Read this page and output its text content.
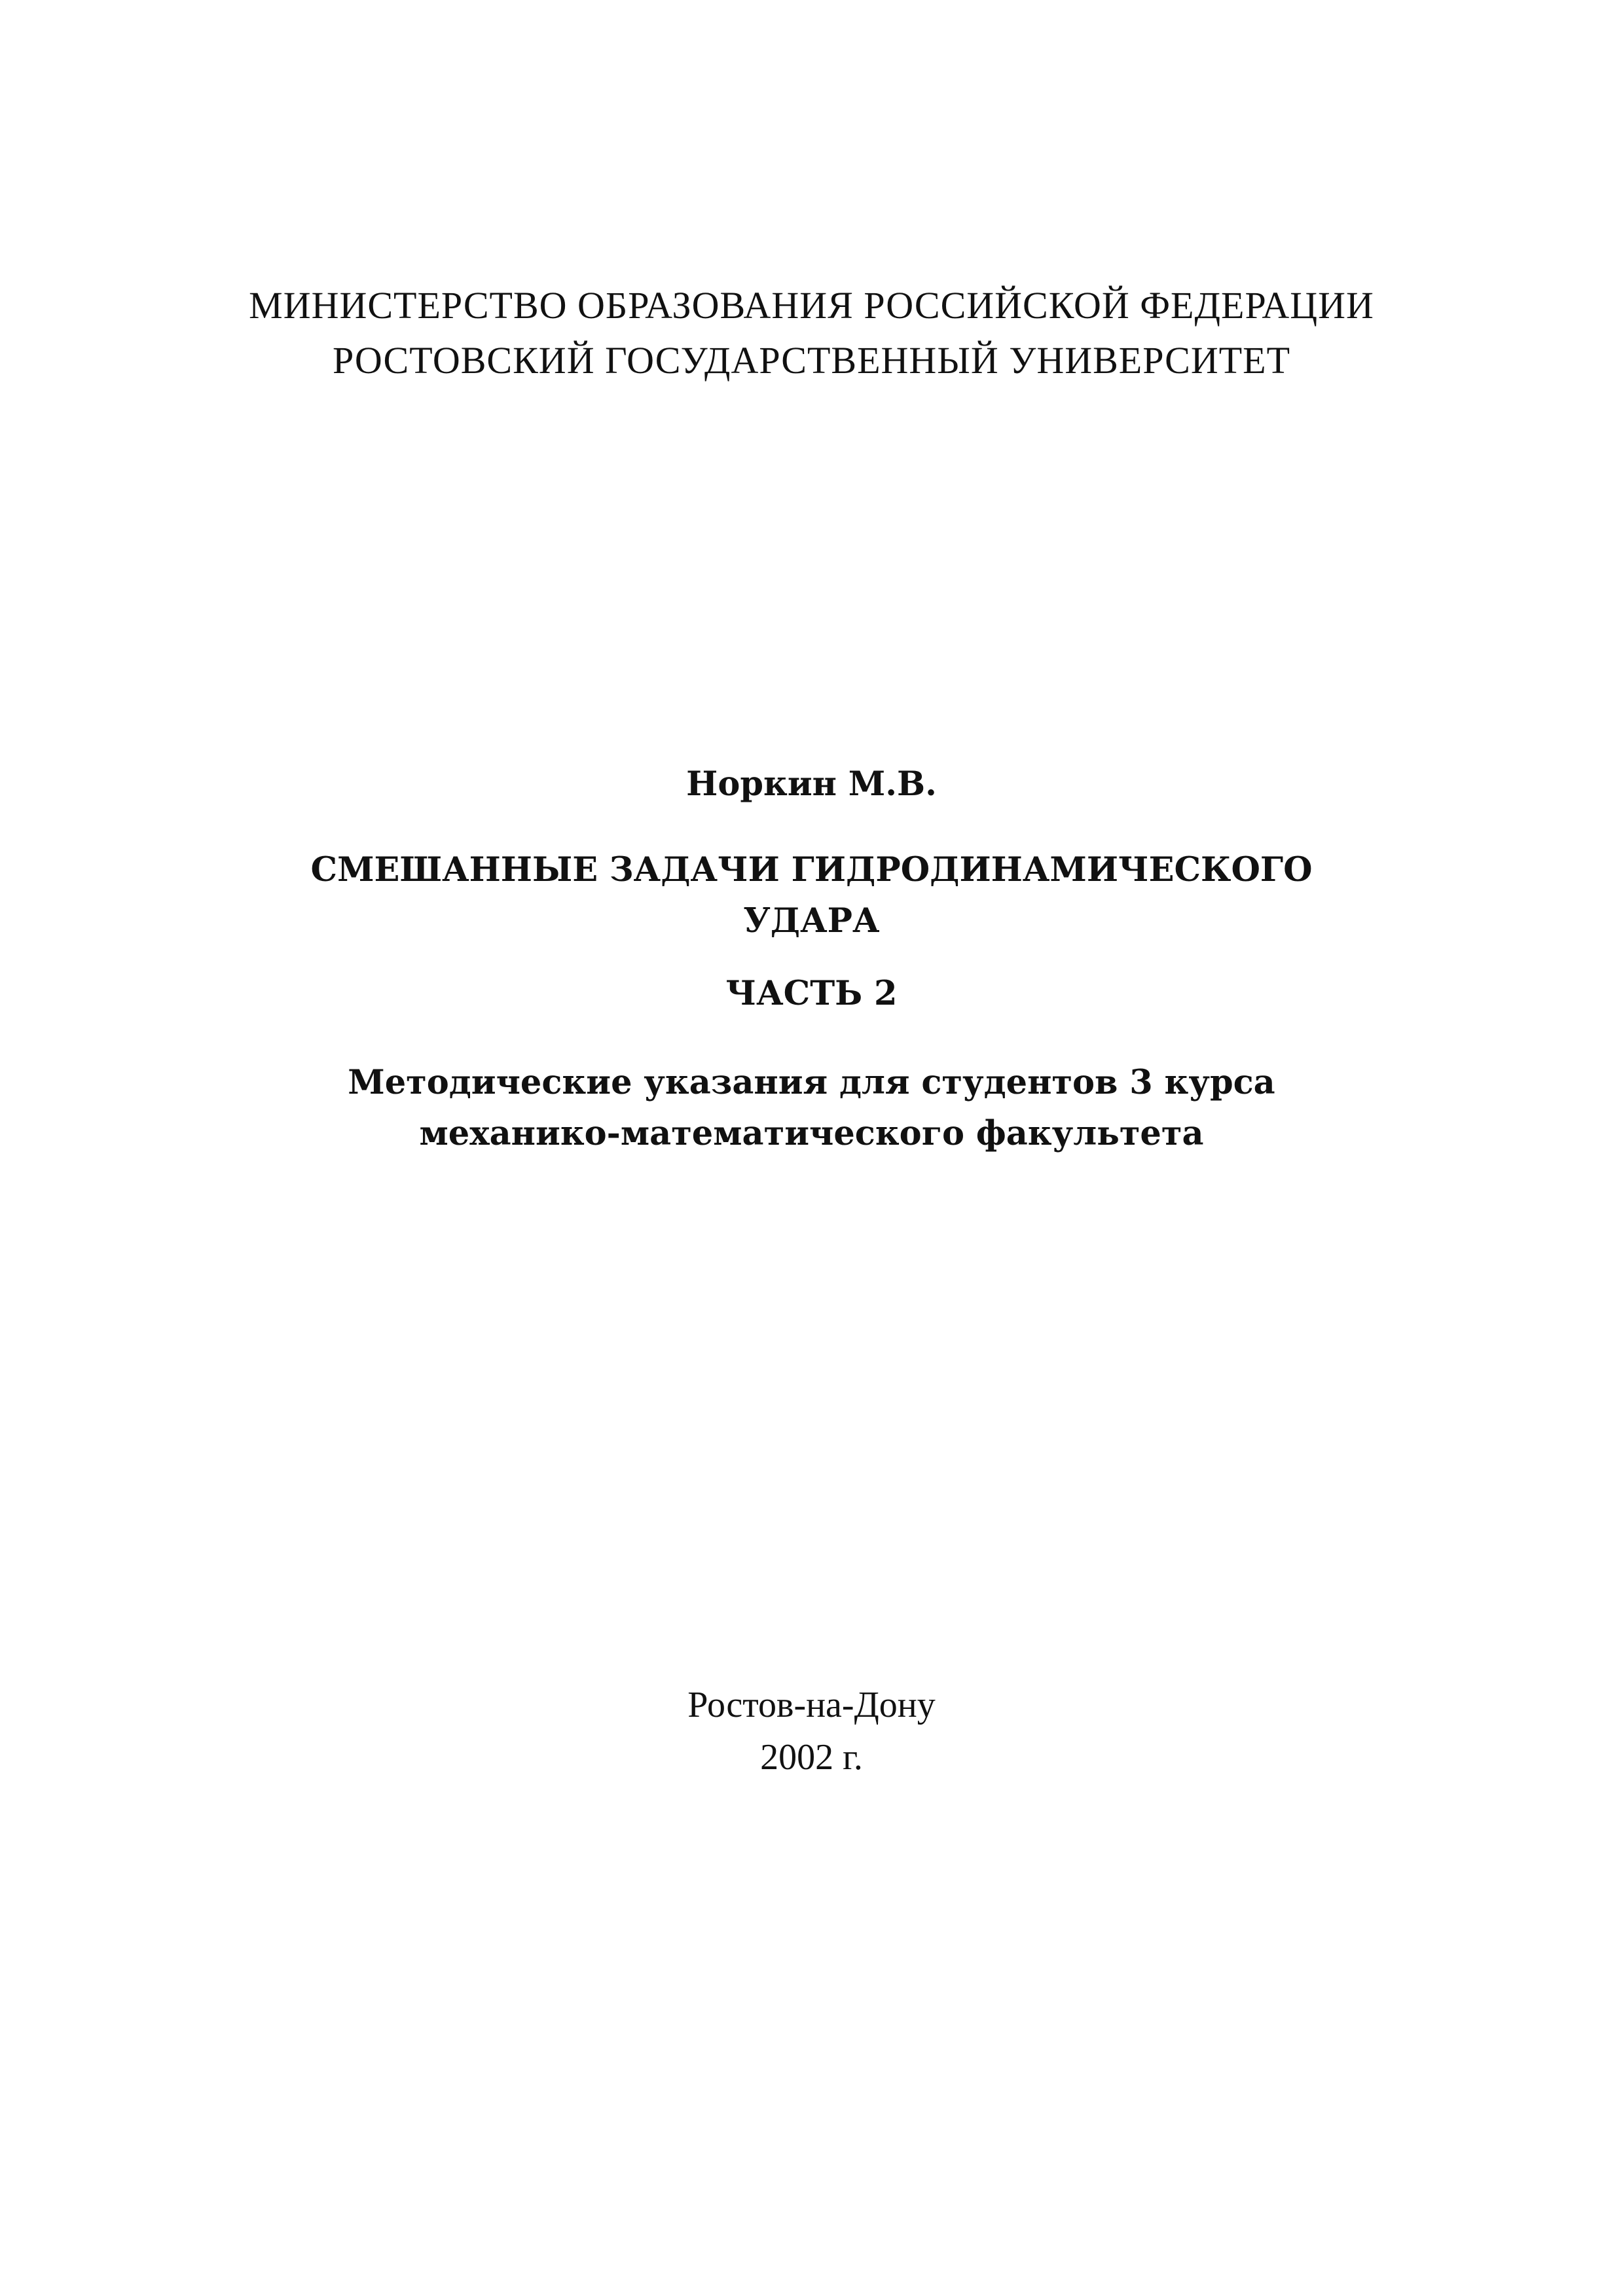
МИНИСТЕРСТВО ОБРАЗОВАНИЯ РОССИЙСКОЙ ФЕДЕРАЦИИ
РОСТОВСКИЙ ГОСУДАРСТВЕННЫЙ УНИВЕРСИТЕТ
Норкин М.В.
СМЕШАННЫЕ ЗАДАЧИ ГИДРОДИНАМИЧЕСКОГО
УДАРА
ЧАСТЬ 2
Методические указания для студентов 3 курса
механико-математического факультета
Ростов-на-Дону
2002 г.
